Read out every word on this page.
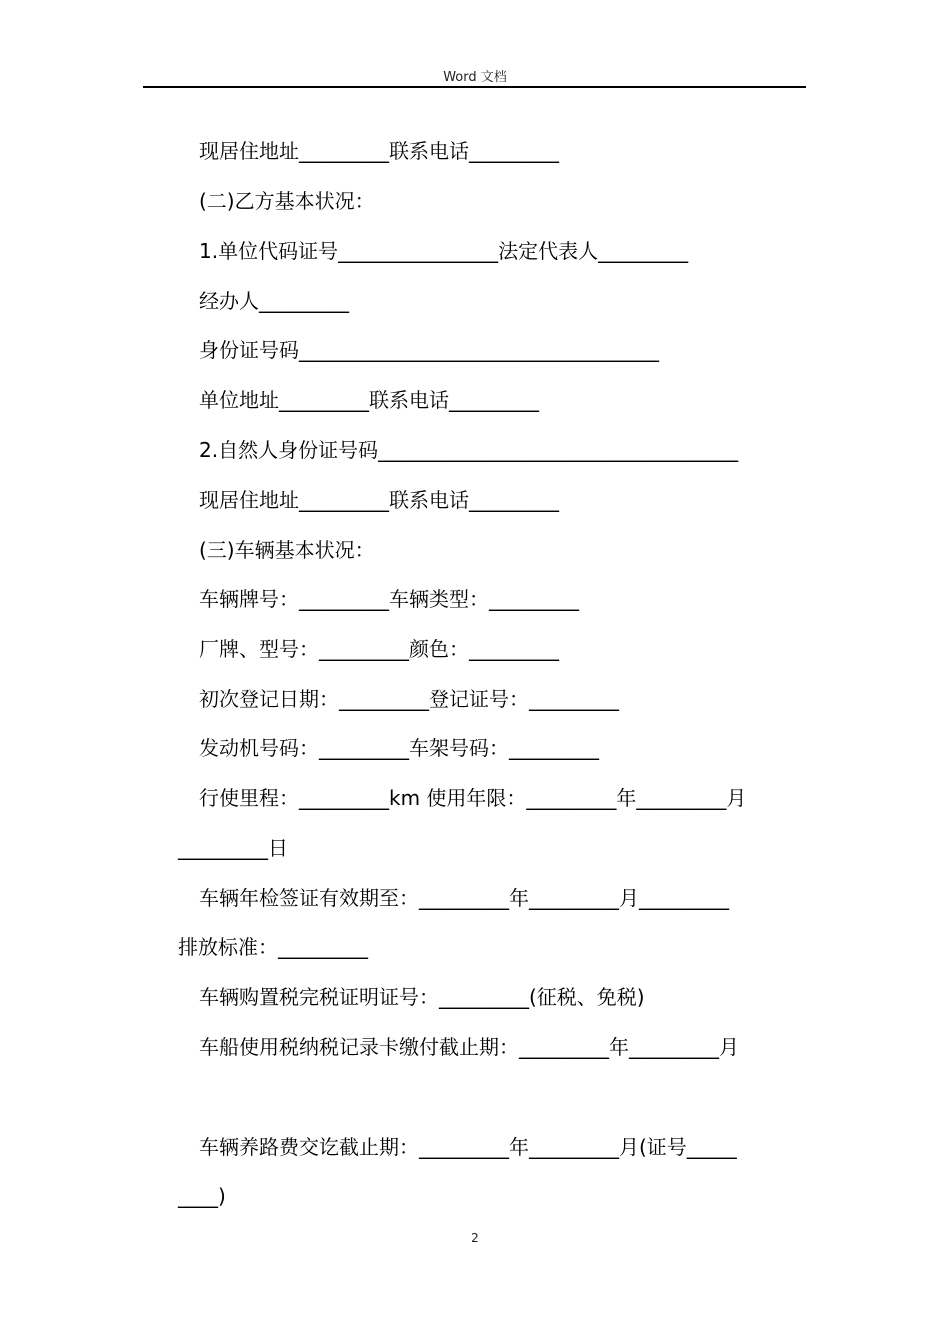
Word 文档
现居住地址_________联系电话_________
(二)乙方基本状况：
1.单位代码证号________________法定代表人_________
经办人_________
身份证号码____________________________________
单位地址_________联系电话_________
2.自然人身份证号码____________________________________
现居住地址_________联系电话_________
(三)车辆基本状况：
车辆牌号：_________车辆类型：_________
厂牌、型号：_________颜色：_________
初次登记日期：_________登记证号：_________
发动机号码：_________车架号码：_________
行使里程：_________km 使用年限：_________年_________月
_________日
车辆年检签证有效期至：_________年_________月_________
排放标准：_________
车辆购置税完税证明证号：_________(征税、免税)
车船使用税纳税记录卡缴付截止期：_________年_________月
车辆养路费交讫截止期：_________年_________月(证号_____
____)
2
